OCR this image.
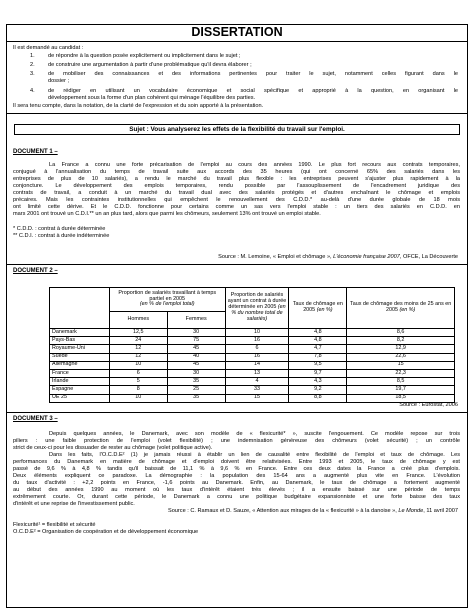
DISSERTATION
Il est demandé au candidat :
1. de répondre à la question posée explicitement ou implicitement dans le sujet ;
2. de construire une argumentation à partir d'une problématique qu'il devra élaborer ;
3. de mobiliser des connaissances et des informations pertinentes pour traiter le sujet, notamment celles figurant dans le
dossier ;
4. de rédiger en utilisant un vocabulaire économique et social spécifique et approprié à la question, en organisant le
développement sous la forme d'un plan cohérent qui ménage l'équilibre des parties.
Il sera tenu compte, dans la notation, de la clarté de l'expression et du soin apporté à la présentation.
Sujet : Vous analyserez les effets de la flexibilité du travail sur l'emploi.
DOCUMENT 1 –
La France a connu une forte précarisation de l'emploi au cours des années 1990. Le plus fort recours aux contrats temporaires,
conjugué à l'annualisation du temps de travail suite aux accords des 35 heures (qui ont concerné 65% des salariés dans les
entreprises de plus de 10 salariés), a rendu le marché du travail plus flexible : les entreprises peuvent s'ajuster plus rapidement à la
conjoncture. Le développement des emplois temporaires, rendu possible par l'assouplissement de l'encadrement juridique des
contrats de travail, a conduit à un marché du travail dual avec des salariés protégés et d'autres enchaînant le chômage et emplois
précaires. Mais les contraintes institutionnelles qui empêchent le renouvellement des C.D.D.* au-delà d'une durée globale de 18 mois
ont limité cette dérive. Et le C.D.D. fonctionne pour certains comme un sas vers l'emploi stable : un tiers des salariés en C.D.D. en
mars 2001 ont trouvé un C.D.I.** un an plus tard, alors que parmi les chômeurs, seulement 13% ont trouvé un emploi stable.
* C.D.D. : contrat à durée déterminée
** C.D.I. : contrat à durée indéterminée
Source : M. Lemoine, « Emploi et chômage », L'économie française 2007, OFCE, La Découverte
DOCUMENT 2 –
	Proportion de salariés travaillant à temps partiel en 2005
(en % de l'emploi total)		Proportion de salariés ayant un contrat à durée déterminée en 2005 (en % du nombre total de salariés)	Taux de chômage en 2005 (en %)	Taux de chômage des moins de 25 ans en 2005 (en %)
	Hommes	Femmes			
Danemark	12,5	30	10	4,8	8,6
Pays-Bas	24	75	16	4,8	8,2
Royaume-Uni	12	45	6	4,7	12,9
Suède	12	40	16	7,8	22,6
Allemagne	10	45	14	9,5	15
France	6	30	13	9,7	22,3
Irlande	5	35	4	4,3	8,5
Espagne	8	25	33	9,2	19,7
UE 25	10	35	15	8,8	18,5
Source : Eurostat, 2006
DOCUMENT 3 –
Depuis quelques années, le Danemark, avec son modèle de « flexicurité* », suscite l'engouement. Ce modèle repose sur trois
piliers : une faible protection de l'emploi (volet flexibilité) ; une indemnisation généreuse des chômeurs (volet sécurité) ; un contrôle
strict de ceux-ci pour les dissuader de rester au chômage (volet politique active).
Dans les faits, l'O.C.D.E² (1) je jamais réussi à établir un lien de causalité entre flexibilité de l'emploi et taux de chômage. Les
performances du Danemark en matière de chômage et d'emploi doivent être relativisées. Entre 1993 et 2005, le taux de chômage y est
passé de 9,6 % à 4,8 % tandis qu'il baissait de 11,1 % à 9,6 % en France. Entre ces deux dates la France a créé plus d'emplois.
Deux éléments expliquent ce paradoxe. La démographie : la population des 15-64 ans a augmenté plus vite en France. L'évolution
du taux d'activité : +2,2 points en France, -1,6 points au Danemark. Enfin, au Danemark, le taux de chômage a fortement augmenté
au début des années 1990 au moment où les taux d'intérêt étaient très élevés ; il a ensuite baissé sur une période de temps
extrêmement courte. Or, durant cette période, le Danemark a connu une politique budgétaire expansionniste et une forte baisse des taux
d'intérêt et une reprise de l'investissement public.
Source : C. Ramaux et D. Sauze, « Attention aux mirages de la « flexicurité » à la danoise », Le Monde, 11 avril 2007
Flexicurité¹ = flexibilité et sécurité
O.C.D.E² = Organisation de coopération et de développement économique
